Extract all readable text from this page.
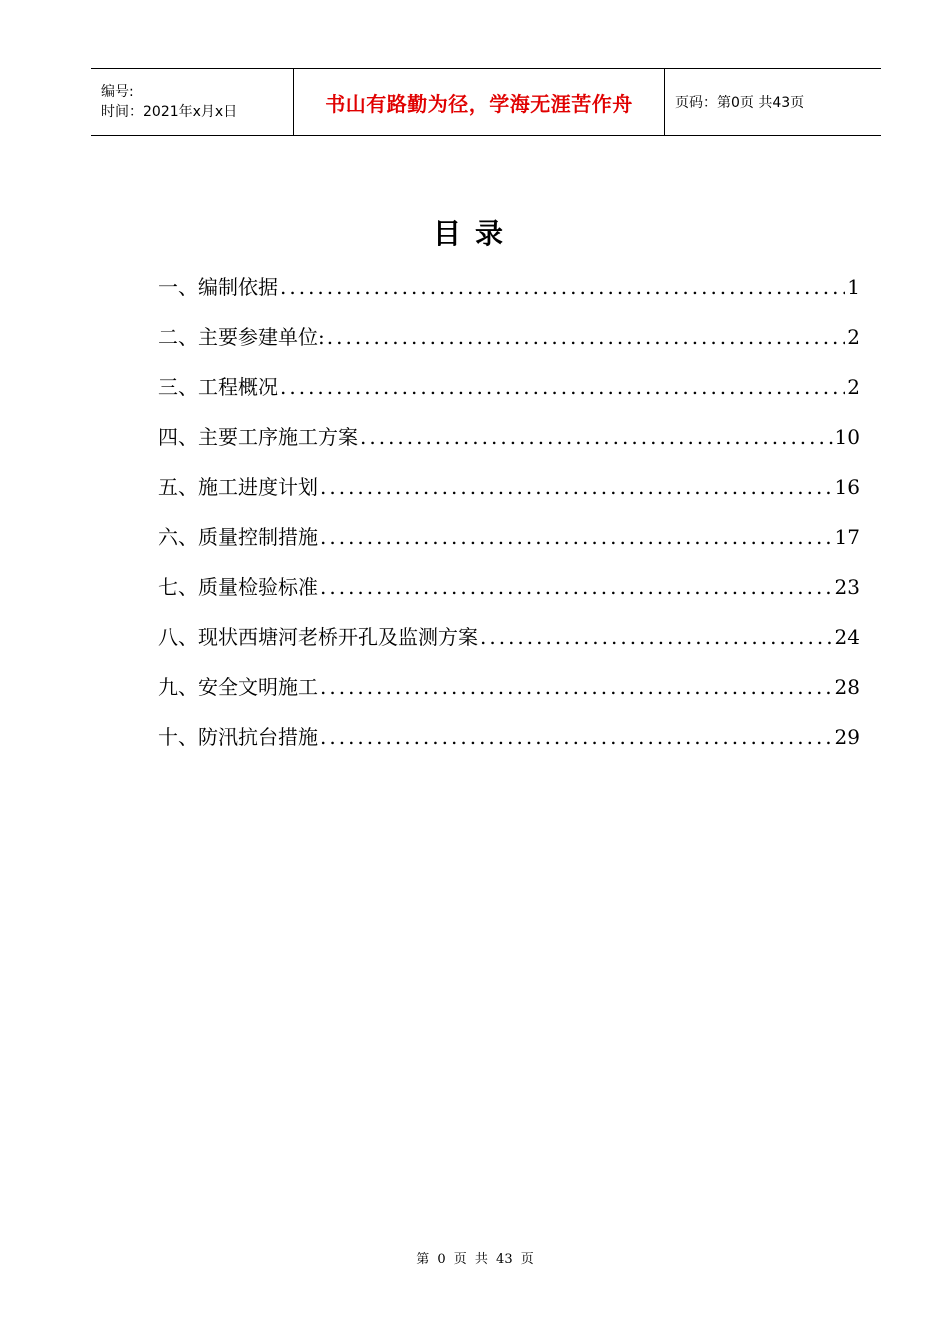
编号:
时间：2021年x月x日	书山有路勤为径，学海无涯苦作舟	页码：第0页 共43页
目录
一、编制依据 .....	1
二、主要参建单位: .....	2
三、工程概况 .....	2
四、主要工序施工方案 .....	10
五、施工进度计划 .....	16
六、质量控制措施 .....	17
七、质量检验标准 .....	23
八、现状西塘河老桥开孔及监测方案 .....	24
九、安全文明施工 .....	28
十、防汛抗台措施 .....	29
第 0 页 共 43 页
